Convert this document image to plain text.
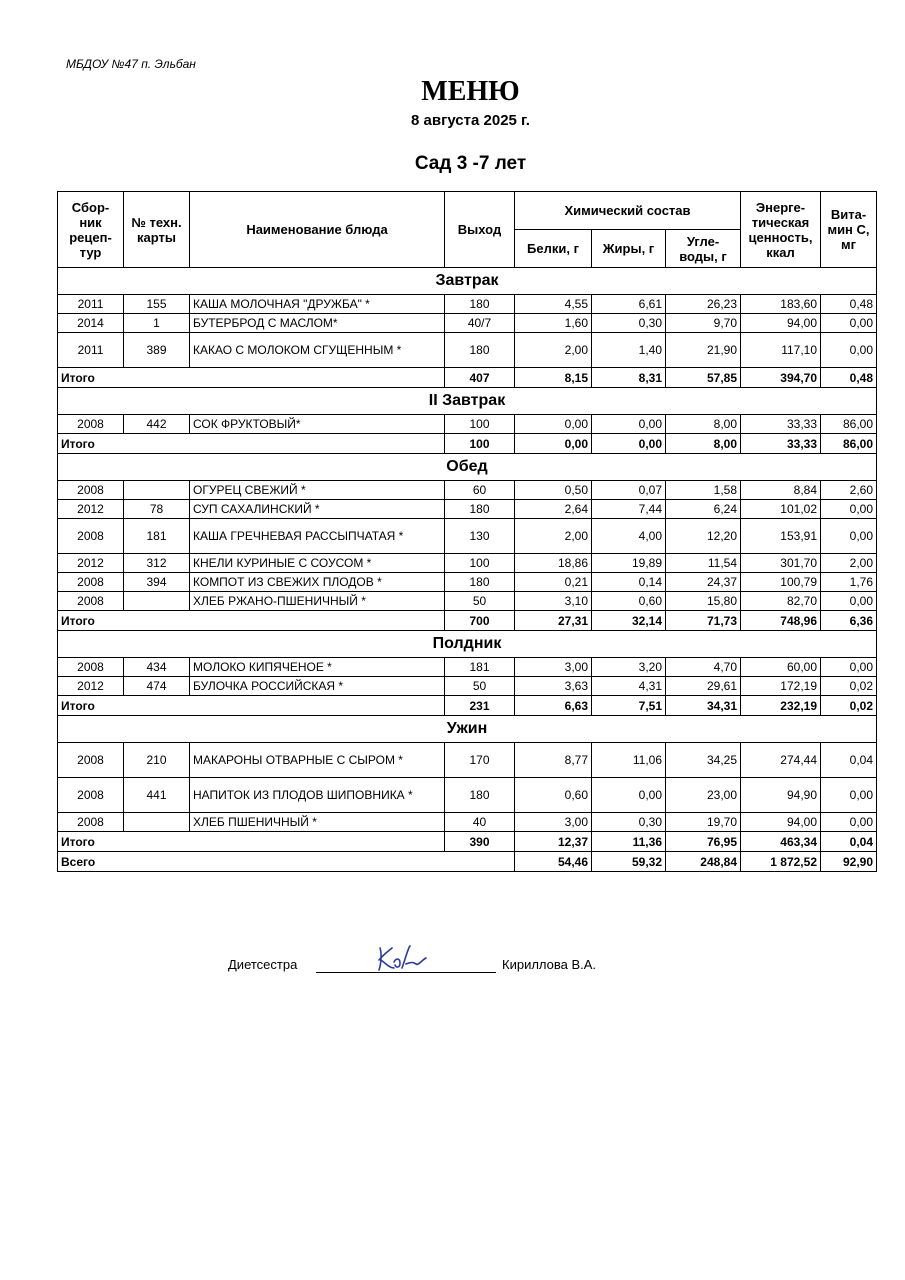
МБДОУ №47 п. Эльбан
МЕНЮ
8 августа 2025 г.
Сад 3 -7 лет
Сбор-ник рецеп-тур	№ техн. карты	Наименование блюда	Выход	Химический состав			Энерге-тическая ценность, ккал	Вита-мин С, мг
				Белки, г	Жиры, г	Угле-воды, г		
Завтрак								
2011	155	КАША МОЛОЧНАЯ "ДРУЖБА" *	180	4,55	6,61	26,23	183,60	0,48
2014	1	БУТЕРБРОД С МАСЛОМ*	40/7	1,60	0,30	9,70	94,00	0,00
2011	389	КАКАО С МОЛОКОМ СГУЩЕННЫМ *	180	2,00	1,40	21,90	117,10	0,00
Итого			407	8,15	8,31	57,85	394,70	0,48
II Завтрак								
2008	442	СОК ФРУКТОВЫЙ*	100	0,00	0,00	8,00	33,33	86,00
Итого			100	0,00	0,00	8,00	33,33	86,00
Обед								
2008		ОГУРЕЦ СВЕЖИЙ *	60	0,50	0,07	1,58	8,84	2,60
2012	78	СУП САХАЛИНСКИЙ *	180	2,64	7,44	6,24	101,02	0,00
2008	181	КАША ГРЕЧНЕВАЯ РАССЫПЧАТАЯ *	130	2,00	4,00	12,20	153,91	0,00
2012	312	КНЕЛИ КУРИНЫЕ С СОУСОМ *	100	18,86	19,89	11,54	301,70	2,00
2008	394	КОМПОТ ИЗ СВЕЖИХ ПЛОДОВ *	180	0,21	0,14	24,37	100,79	1,76
2008		ХЛЕБ РЖАНО-ПШЕНИЧНЫЙ *	50	3,10	0,60	15,80	82,70	0,00
Итого			700	27,31	32,14	71,73	748,96	6,36
Полдник								
2008	434	МОЛОКО КИПЯЧЕНОЕ *	181	3,00	3,20	4,70	60,00	0,00
2012	474	БУЛОЧКА РОССИЙСКАЯ *	50	3,63	4,31	29,61	172,19	0,02
Итого			231	6,63	7,51	34,31	232,19	0,02
Ужин								
2008	210	МАКАРОНЫ ОТВАРНЫЕ С СЫРОМ *	170	8,77	11,06	34,25	274,44	0,04
2008	441	НАПИТОК ИЗ ПЛОДОВ ШИПОВНИКА *	180	0,60	0,00	23,00	94,90	0,00
2008		ХЛЕБ ПШЕНИЧНЫЙ *	40	3,00	0,30	19,70	94,00	0,00
Итого			390	12,37	11,36	76,95	463,34	0,04
Всего				54,46	59,32	248,84	1 872,52	92,90
Диетсестра	Кириллова В.А.
